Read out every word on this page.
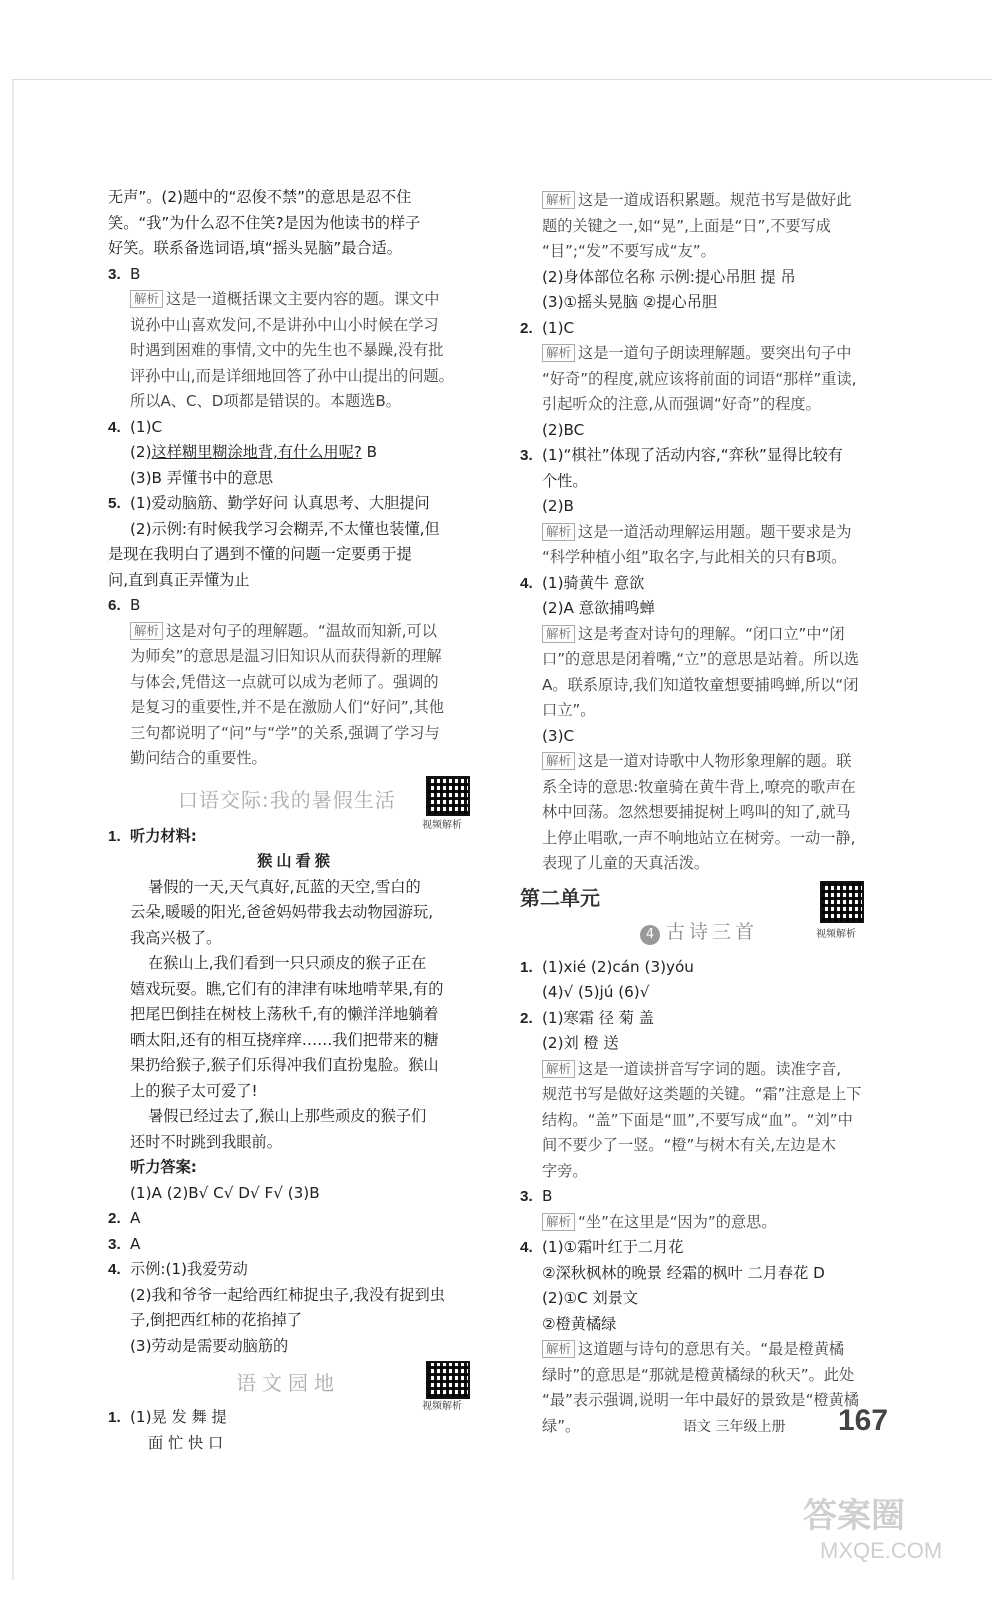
无声”。(2)题中的“忍俊不禁”的意思是忍不住
笑。“我”为什么忍不住笑?是因为他读书的样子
好笑。联系备选词语,填“摇头晃脑”最合适。
3. B
解析 这是一道概括课文主要内容的题。课文中
说孙中山喜欢发问,不是讲孙中山小时候在学习
时遇到困难的事情,文中的先生也不暴躁,没有批
评孙中山,而是详细地回答了孙中山提出的问题。
所以A、C、D项都是错误的。本题选B。
4. (1)C
(2)这样糊里糊涂地背,有什么用呢? B
(3)B 弄懂书中的意思
5. (1)爱动脑筋、勤学好问 认真思考、大胆提问
(2)示例:有时候我学习会糊弄,不太懂也装懂,但
是现在我明白了遇到不懂的问题一定要勇于提
问,直到真正弄懂为止
6. B
解析 这是对句子的理解题。“温故而知新,可以
为师矣”的意思是温习旧知识从而获得新的理解
与体会,凭借这一点就可以成为老师了。强调的
是复习的重要性,并不是在激励人们“好问”,其他
三句都说明了“问”与“学”的关系,强调了学习与
勤问结合的重要性。
口语交际:我的暑假生活
视频解析
1. 听力材料:
猴山看猴
暑假的一天,天气真好,瓦蓝的天空,雪白的
云朵,暖暖的阳光,爸爸妈妈带我去动物园游玩,
我高兴极了。
在猴山上,我们看到一只只顽皮的猴子正在
嬉戏玩耍。瞧,它们有的津津有味地啃苹果,有的
把尾巴倒挂在树枝上荡秋千,有的懒洋洋地躺着
晒太阳,还有的相互挠痒痒……我们把带来的糖
果扔给猴子,猴子们乐得冲我们直扮鬼脸。猴山
上的猴子太可爱了!
暑假已经过去了,猴山上那些顽皮的猴子们
还时不时跳到我眼前。
听力答案:
(1)A (2)B√ C√ D√ F√ (3)B
2. A
3. A
4. 示例:(1)我爱劳动
(2)我和爷爷一起给西红柿捉虫子,我没有捉到虫
子,倒把西红柿的花掐掉了
(3)劳动是需要动脑筋的
语文园地
视频解析
1. (1)晃 发 舞 提
面 忙 快 口
解析 这是一道成语积累题。规范书写是做好此
题的关键之一,如“晃”,上面是“日”,不要写成
“目”;“发”不要写成“友”。
(2)身体部位名称 示例:提心吊胆 提 吊
(3)①摇头晃脑 ②提心吊胆
2. (1)C
解析 这是一道句子朗读理解题。要突出句子中
“好奇”的程度,就应该将前面的词语“那样”重读,
引起听众的注意,从而强调“好奇”的程度。
(2)BC
3. (1)“棋社”体现了活动内容,“弈秋”显得比较有
个性。
(2)B
解析 这是一道活动理解运用题。题干要求是为
“科学种植小组”取名字,与此相关的只有B项。
4. (1)骑黄牛 意欲
(2)A 意欲捕鸣蝉
解析 这是考查对诗句的理解。“闭口立”中“闭
口”的意思是闭着嘴,“立”的意思是站着。所以选
A。联系原诗,我们知道牧童想要捕鸣蝉,所以“闭
口立”。
(3)C
解析 这是一道对诗歌中人物形象理解的题。联
系全诗的意思:牧童骑在黄牛背上,嘹亮的歌声在
林中回荡。忽然想要捕捉树上鸣叫的知了,就马
上停止唱歌,一声不响地站立在树旁。一动一静,
表现了儿童的天真活泼。
第二单元
4 古诗三首	视频解析
1. (1)xié (2)cán (3)yóu
(4)√ (5)jú (6)√
2. (1)寒霜 径 菊 盖
(2)刘 橙 送
解析 这是一道读拼音写字词的题。读准字音,
规范书写是做好这类题的关键。“霜”注意是上下
结构。“盖”下面是“皿”,不要写成“血”。“刘”中
间不要少了一竖。“橙”与树木有关,左边是木
字旁。
3. B
解析 “坐”在这里是“因为”的意思。
4. (1)①霜叶红于二月花
②深秋枫林的晚景 经霜的枫叶 二月春花 D
(2)①C 刘景文
②橙黄橘绿
解析 这道题与诗句的意思有关。“最是橙黄橘
绿时”的意思是“那就是橙黄橘绿的秋天”。此处
“最”表示强调,说明一年中最好的景致是“橙黄橘
绿”。	语文 三年级上册 167
答案圈
MXQE.COM
